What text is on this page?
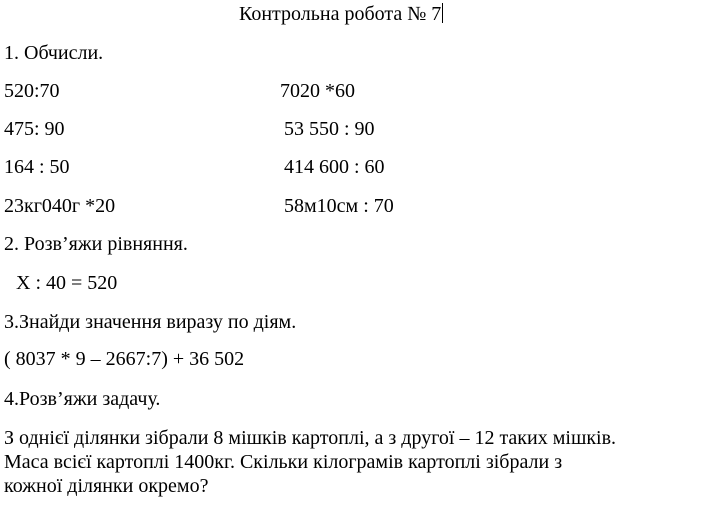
Контрольна робота № 7
1. Обчисли.
520:70	7020 *60
475: 90	53 550 : 90
164 : 50	414 600 : 60
23кг040г *20	58м10см : 70
2. Розв’яжи рівняння.
Х : 40 = 520
3.Знайди значення виразу по діям.
( 8037 * 9 – 2667:7) + 36 502
4.Розв’яжи задачу.
З однієї ділянки зібрали 8 мішків картоплі, а з другої – 12 таких мішків.
Маса всієї картоплі 1400кг. Скільки кілограмів картоплі зібрали з
кожної ділянки окремо?
